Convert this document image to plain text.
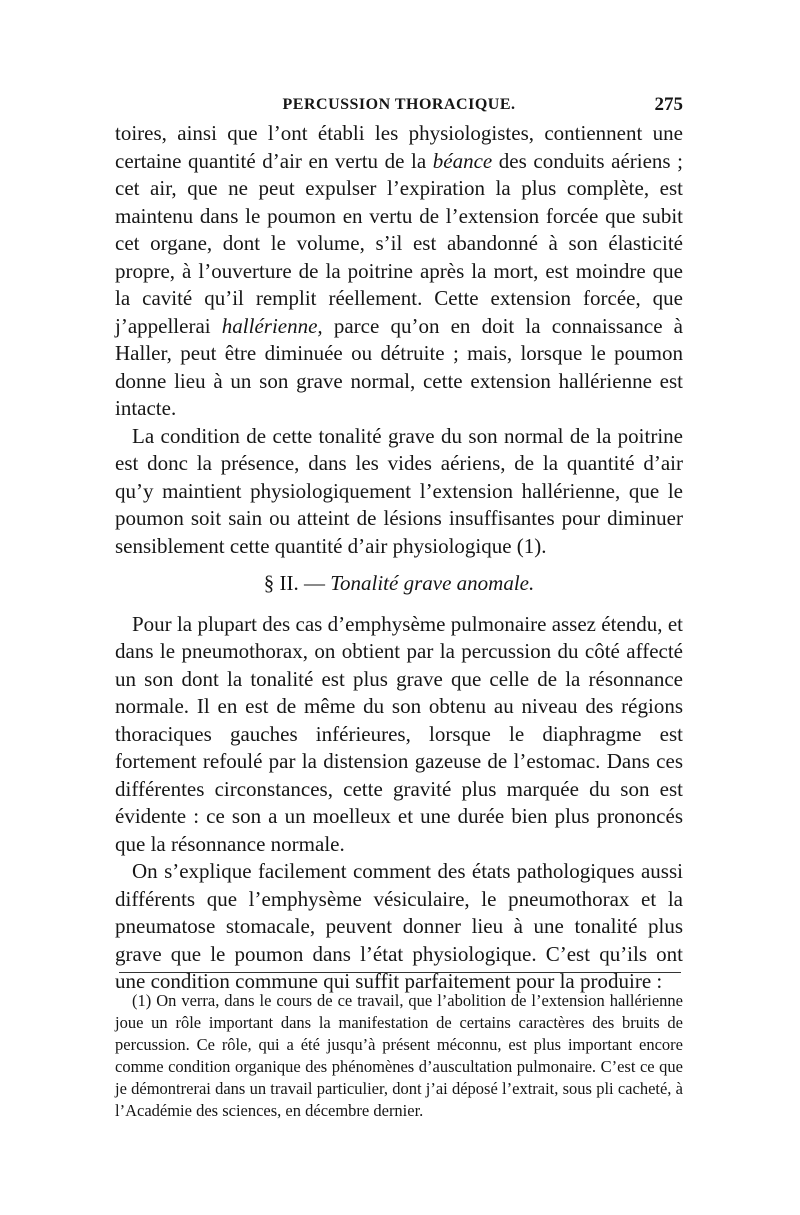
PERCUSSION THORACIQUE.	275

toires, ainsi que l’ont établi les physiologistes, contiennent une certaine quantité d’air en vertu de la béance des conduits aériens ; cet air, que ne peut expulser l’expiration la plus complète, est maintenu dans le poumon en vertu de l’extension forcée que subit cet organe, dont le volume, s’il est abandonné à son élasticité propre, à l’ouverture de la poitrine après la mort, est moindre que la cavité qu’il remplit réellement. Cette extension forcée, que j’appellerai hallérienne, parce qu’on en doit la connaissance à Haller, peut être diminuée ou détruite ; mais, lorsque le poumon donne lieu à un son grave normal, cette extension hallérienne est intacte.

La condition de cette tonalité grave du son normal de la poitrine est donc la présence, dans les vides aériens, de la quantité d’air qu’y maintient physiologiquement l’extension hallérienne, que le poumon soit sain ou atteint de lésions insuffisantes pour diminuer sensiblement cette quantité d’air physiologique (1).

§ II. — Tonalité grave anomale.

Pour la plupart des cas d’emphysème pulmonaire assez étendu, et dans le pneumothorax, on obtient par la percussion du côté affecté un son dont la tonalité est plus grave que celle de la résonnance normale. Il en est de même du son obtenu au niveau des régions thoraciques gauches inférieures, lorsque le diaphragme est fortement refoulé par la distension gazeuse de l’estomac. Dans ces différentes circonstances, cette gravité plus marquée du son est évidente : ce son a un moelleux et une durée bien plus prononcés que la résonnance normale.

On s’explique facilement comment des états pathologiques aussi différents que l’emphysème vésiculaire, le pneumothorax et la pneumatose stomacale, peuvent donner lieu à une tonalité plus grave que le poumon dans l’état physiologique. C’est qu’ils ont une condition commune qui suffit parfaitement pour la produire :

(1) On verra, dans le cours de ce travail, que l’abolition de l’extension hallérienne joue un rôle important dans la manifestation de certains caractères des bruits de percussion. Ce rôle, qui a été jusqu’à présent méconnu, est plus important encore comme condition organique des phénomènes d’auscultation pulmonaire. C’est ce que je démontrerai dans un travail particulier, dont j’ai déposé l’extrait, sous pli cacheté, à l’Académie des sciences, en décembre dernier.
